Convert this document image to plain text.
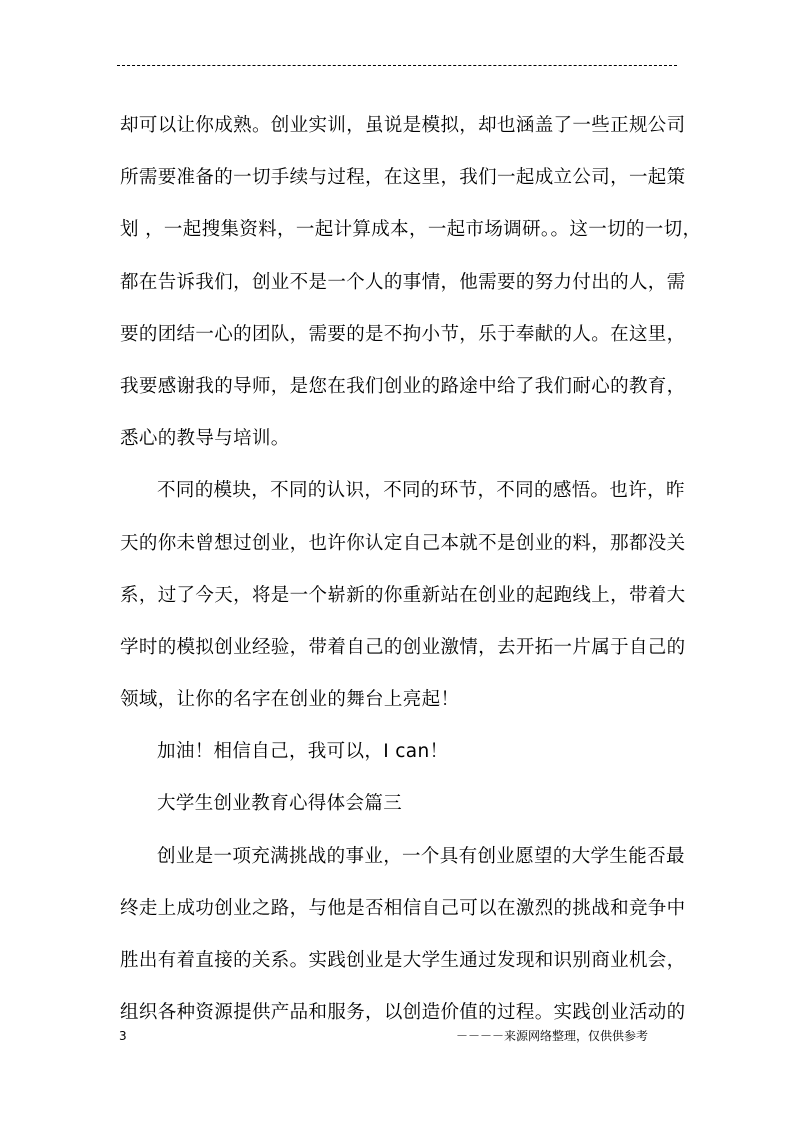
却可以让你成熟。创业实训，虽说是模拟，却也涵盖了一些正规公司
所需要准备的一切手续与过程，在这里，我们一起成立公司，一起策
划 ，一起搜集资料，一起计算成本，一起市场调研。。这一切的一切，
都在告诉我们，创业不是一个人的事情，他需要的努力付出的人，需
要的团结一心的团队，需要的是不拘小节，乐于奉献的人。在这里，
我要感谢我的导师，是您在我们创业的路途中给了我们耐心的教育，
悉心的教导与培训。
不同的模块，不同的认识，不同的环节，不同的感悟。也许，昨
天的你未曾想过创业，也许你认定自己本就不是创业的料，那都没关
系，过了今天，将是一个崭新的你重新站在创业的起跑线上，带着大
学时的模拟创业经验，带着自己的创业激情，去开拓一片属于自己的
领域，让你的名字在创业的舞台上亮起！
加油！相信自己，我可以，I can！
大学生创业教育心得体会篇三
创业是一项充满挑战的事业，一个具有创业愿望的大学生能否最
终走上成功创业之路，与他是否相信自己可以在激烈的挑战和竞争中
胜出有着直接的关系。实践创业是大学生通过发现和识别商业机会，
组织各种资源提供产品和服务，以创造价值的过程。实践创业活动的
3	－－－－来源网络整理，仅供供参考
